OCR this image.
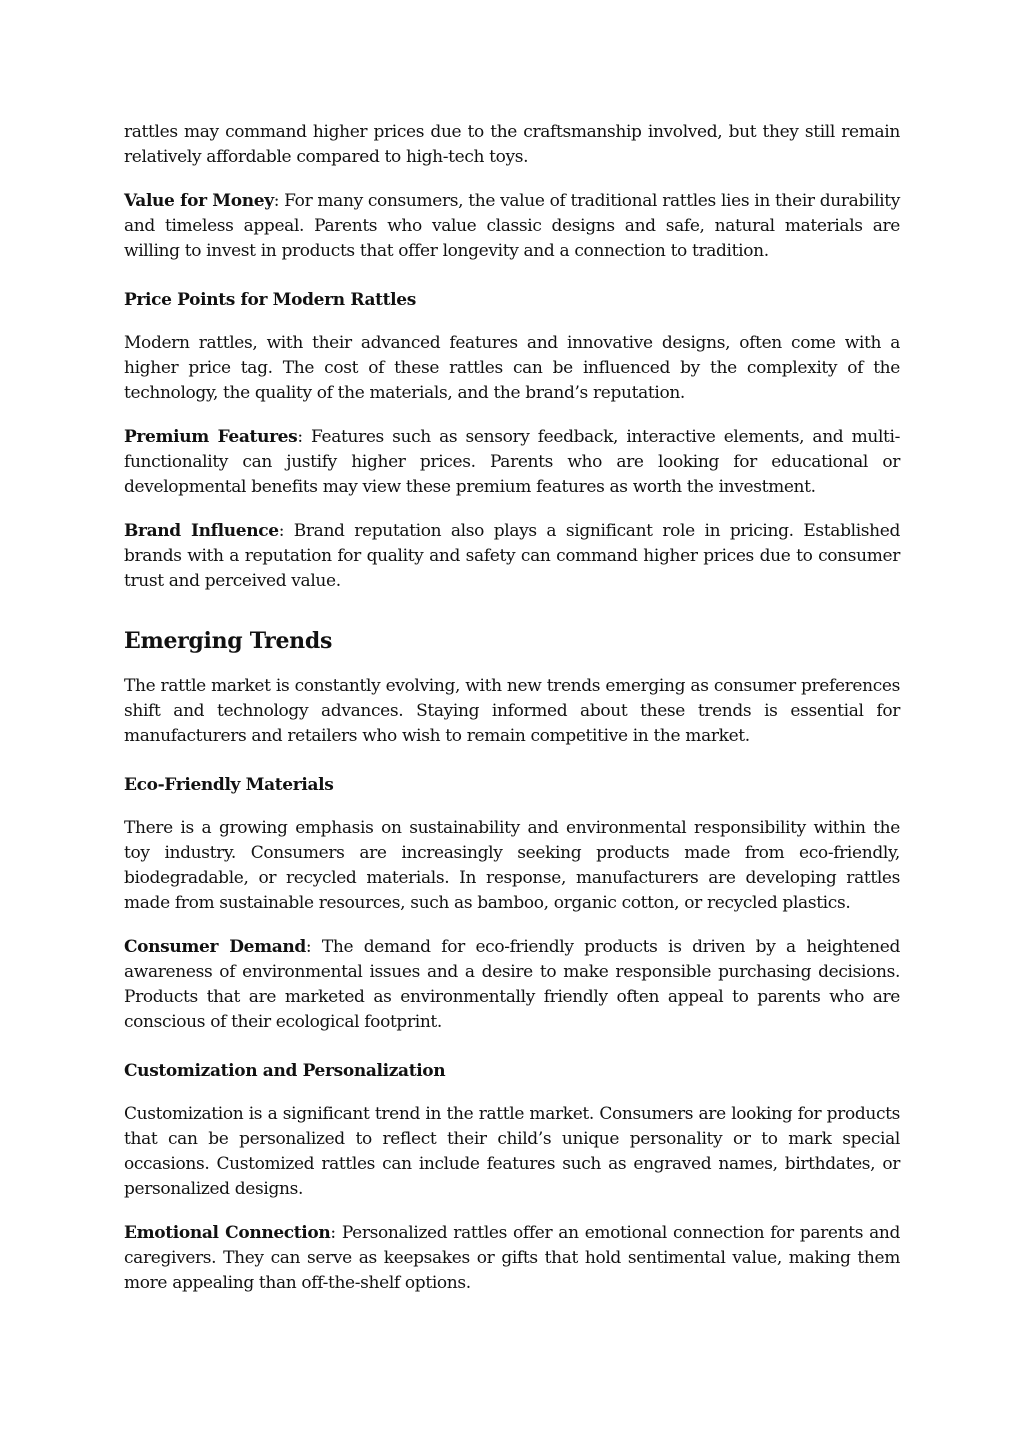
rattles may command higher prices due to the craftsmanship involved, but they still remain relatively affordable compared to high-tech toys.

Value for Money: For many consumers, the value of traditional rattles lies in their durability and timeless appeal. Parents who value classic designs and safe, natural materials are willing to invest in products that offer longevity and a connection to tradition.

Price Points for Modern Rattles

Modern rattles, with their advanced features and innovative designs, often come with a higher price tag. The cost of these rattles can be influenced by the complexity of the technology, the quality of the materials, and the brand’s reputation.

Premium Features: Features such as sensory feedback, interactive elements, and multi-functionality can justify higher prices. Parents who are looking for educational or developmental benefits may view these premium features as worth the investment.

Brand Influence: Brand reputation also plays a significant role in pricing. Established brands with a reputation for quality and safety can command higher prices due to consumer trust and perceived value.

Emerging Trends

The rattle market is constantly evolving, with new trends emerging as consumer preferences shift and technology advances. Staying informed about these trends is essential for manufacturers and retailers who wish to remain competitive in the market.

Eco-Friendly Materials

There is a growing emphasis on sustainability and environmental responsibility within the toy industry. Consumers are increasingly seeking products made from eco-friendly, biodegradable, or recycled materials. In response, manufacturers are developing rattles made from sustainable resources, such as bamboo, organic cotton, or recycled plastics.

Consumer Demand: The demand for eco-friendly products is driven by a heightened awareness of environmental issues and a desire to make responsible purchasing decisions. Products that are marketed as environmentally friendly often appeal to parents who are conscious of their ecological footprint.

Customization and Personalization

Customization is a significant trend in the rattle market. Consumers are looking for products that can be personalized to reflect their child’s unique personality or to mark special occasions. Customized rattles can include features such as engraved names, birthdates, or personalized designs.

Emotional Connection: Personalized rattles offer an emotional connection for parents and caregivers. They can serve as keepsakes or gifts that hold sentimental value, making them more appealing than off-the-shelf options.
